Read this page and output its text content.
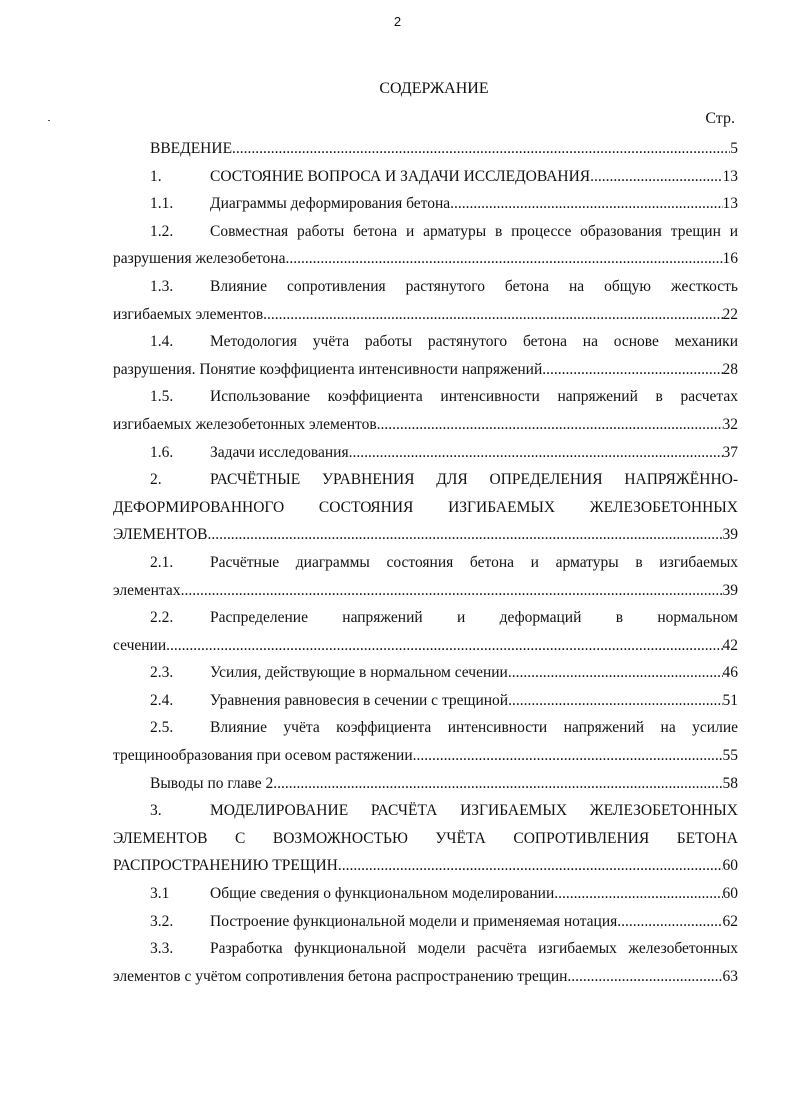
2
СОДЕРЖАНИЕ
Стр.
ВВЕДЕНИЕ .....	5
1.	СОСТОЯНИЕ ВОПРОСА И ЗАДАЧИ ИССЛЕДОВАНИЯ .....	13
1.1.	Диаграммы деформирования бетона .....	13
1.2.	Совместная работы бетона и арматуры в процессе образования трещин и
разрушения железобетона .....	16
1.3.	Влияние сопротивления растянутого бетона на общую жесткость
изгибаемых элементов .....	22
1.4.	Методология учёта работы растянутого бетона на основе механики
разрушения. Понятие коэффициента интенсивности напряжений .....	28
1.5.	Использование коэффициента интенсивности напряжений в расчетах
изгибаемых железобетонных элементов .....	32
1.6.	Задачи исследования .....	37
2.	РАСЧЁТНЫЕ УРАВНЕНИЯ ДЛЯ ОПРЕДЕЛЕНИЯ НАПРЯЖЁННО-
ДЕФОРМИРОВАННОГО СОСТОЯНИЯ ИЗГИБАЕМЫХ ЖЕЛЕЗОБЕТОННЫХ
ЭЛЕМЕНТОВ .....	39
2.1.	Расчётные диаграммы состояния бетона и арматуры в изгибаемых
элементах .....	39
2.2.	Распределение напряжений и деформаций в нормальном
сечении .....	42
2.3.	Усилия, действующие в нормальном сечении .....	46
2.4.	Уравнения равновесия в сечении с трещиной .....	51
2.5.	Влияние учёта коэффициента интенсивности напряжений на усилие
трещинообразования при осевом растяжении .....	55
Выводы по главе 2 .....	58
3.	МОДЕЛИРОВАНИЕ РАСЧЁТА ИЗГИБАЕМЫХ ЖЕЛЕЗОБЕТОННЫХ
ЭЛЕМЕНТОВ С ВОЗМОЖНОСТЬЮ УЧЁТА СОПРОТИВЛЕНИЯ БЕТОНА
РАСПРОСТРАНЕНИЮ ТРЕЩИН .....	60
3.1	Общие сведения о функциональном моделировании .....	60
3.2.	Построение функциональной модели и применяемая нотация .....	62
3.3.	Разработка функциональной модели расчёта изгибаемых железобетонных
элементов с учётом сопротивления бетона распространению трещин .....	63
